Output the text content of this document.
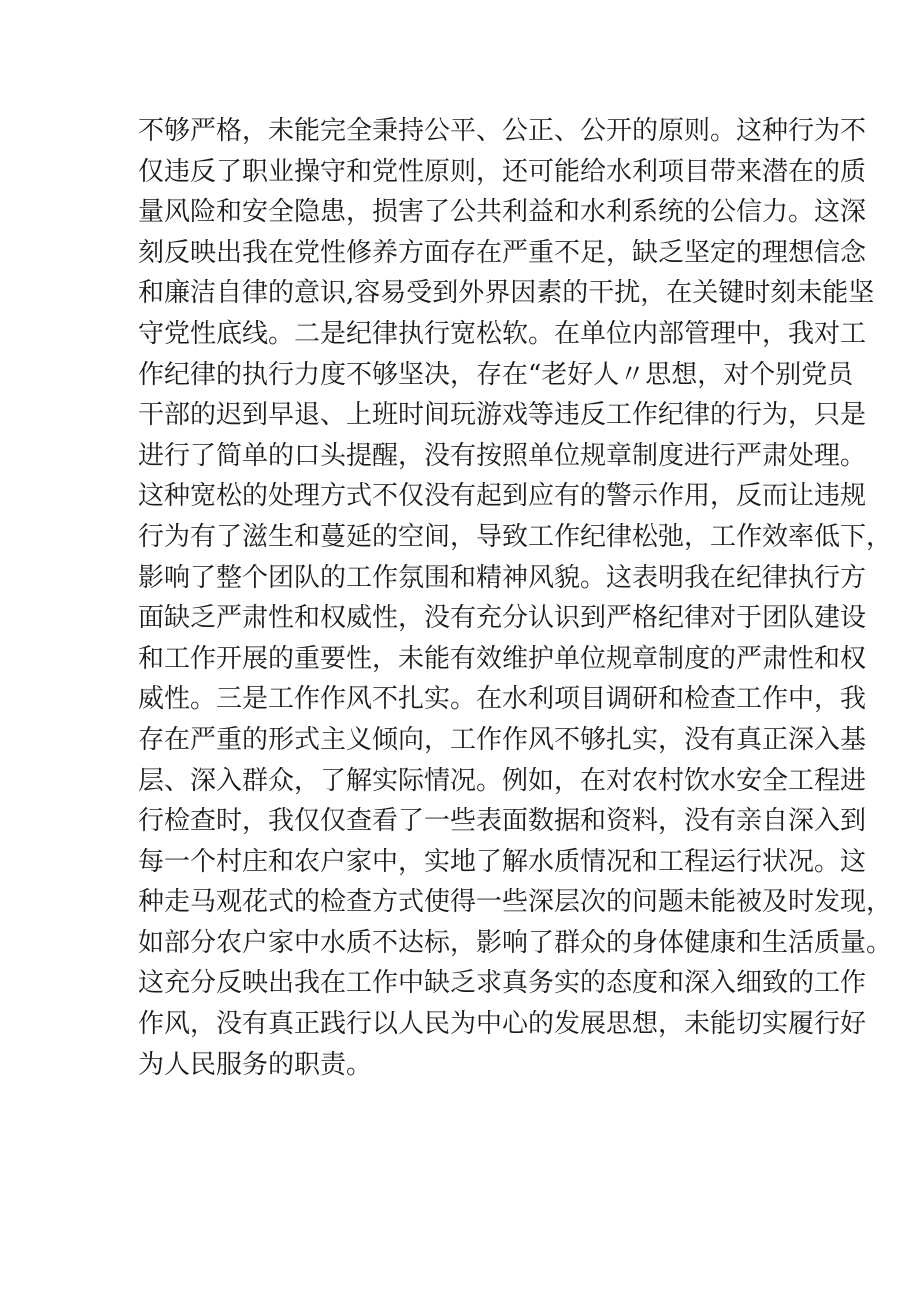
不够严格，未能完全秉持公平、公正、公开的原则。这种行为不
仅违反了职业操守和党性原则，还可能给水利项目带来潜在的质
量风险和安全隐患，损害了公共利益和水利系统的公信力。这深
刻反映出我在党性修养方面存在严重不足，缺乏坚定的理想信念
和廉洁自律的意识,容易受到外界因素的干扰，在关键时刻未能坚
守党性底线。二是纪律执行宽松软。在单位内部管理中，我对工
作纪律的执行力度不够坚决，存在“老好人〃思想，对个别党员
干部的迟到早退、上班时间玩游戏等违反工作纪律的行为，只是
进行了简单的口头提醒，没有按照单位规章制度进行严肃处理。
这种宽松的处理方式不仅没有起到应有的警示作用，反而让违规
行为有了滋生和蔓延的空间，导致工作纪律松弛，工作效率低下，
影响了整个团队的工作氛围和精神风貌。这表明我在纪律执行方
面缺乏严肃性和权威性，没有充分认识到严格纪律对于团队建设
和工作开展的重要性，未能有效维护单位规章制度的严肃性和权
威性。三是工作作风不扎实。在水利项目调研和检查工作中，我
存在严重的形式主义倾向，工作作风不够扎实，没有真正深入基
层、深入群众，了解实际情况。例如，在对农村饮水安全工程进
行检查时，我仅仅查看了一些表面数据和资料，没有亲自深入到
每一个村庄和农户家中，实地了解水质情况和工程运行状况。这
种走马观花式的检查方式使得一些深层次的问题未能被及时发现，
如部分农户家中水质不达标，影响了群众的身体健康和生活质量。
这充分反映出我在工作中缺乏求真务实的态度和深入细致的工作
作风，没有真正践行以人民为中心的发展思想，未能切实履行好
为人民服务的职责。
